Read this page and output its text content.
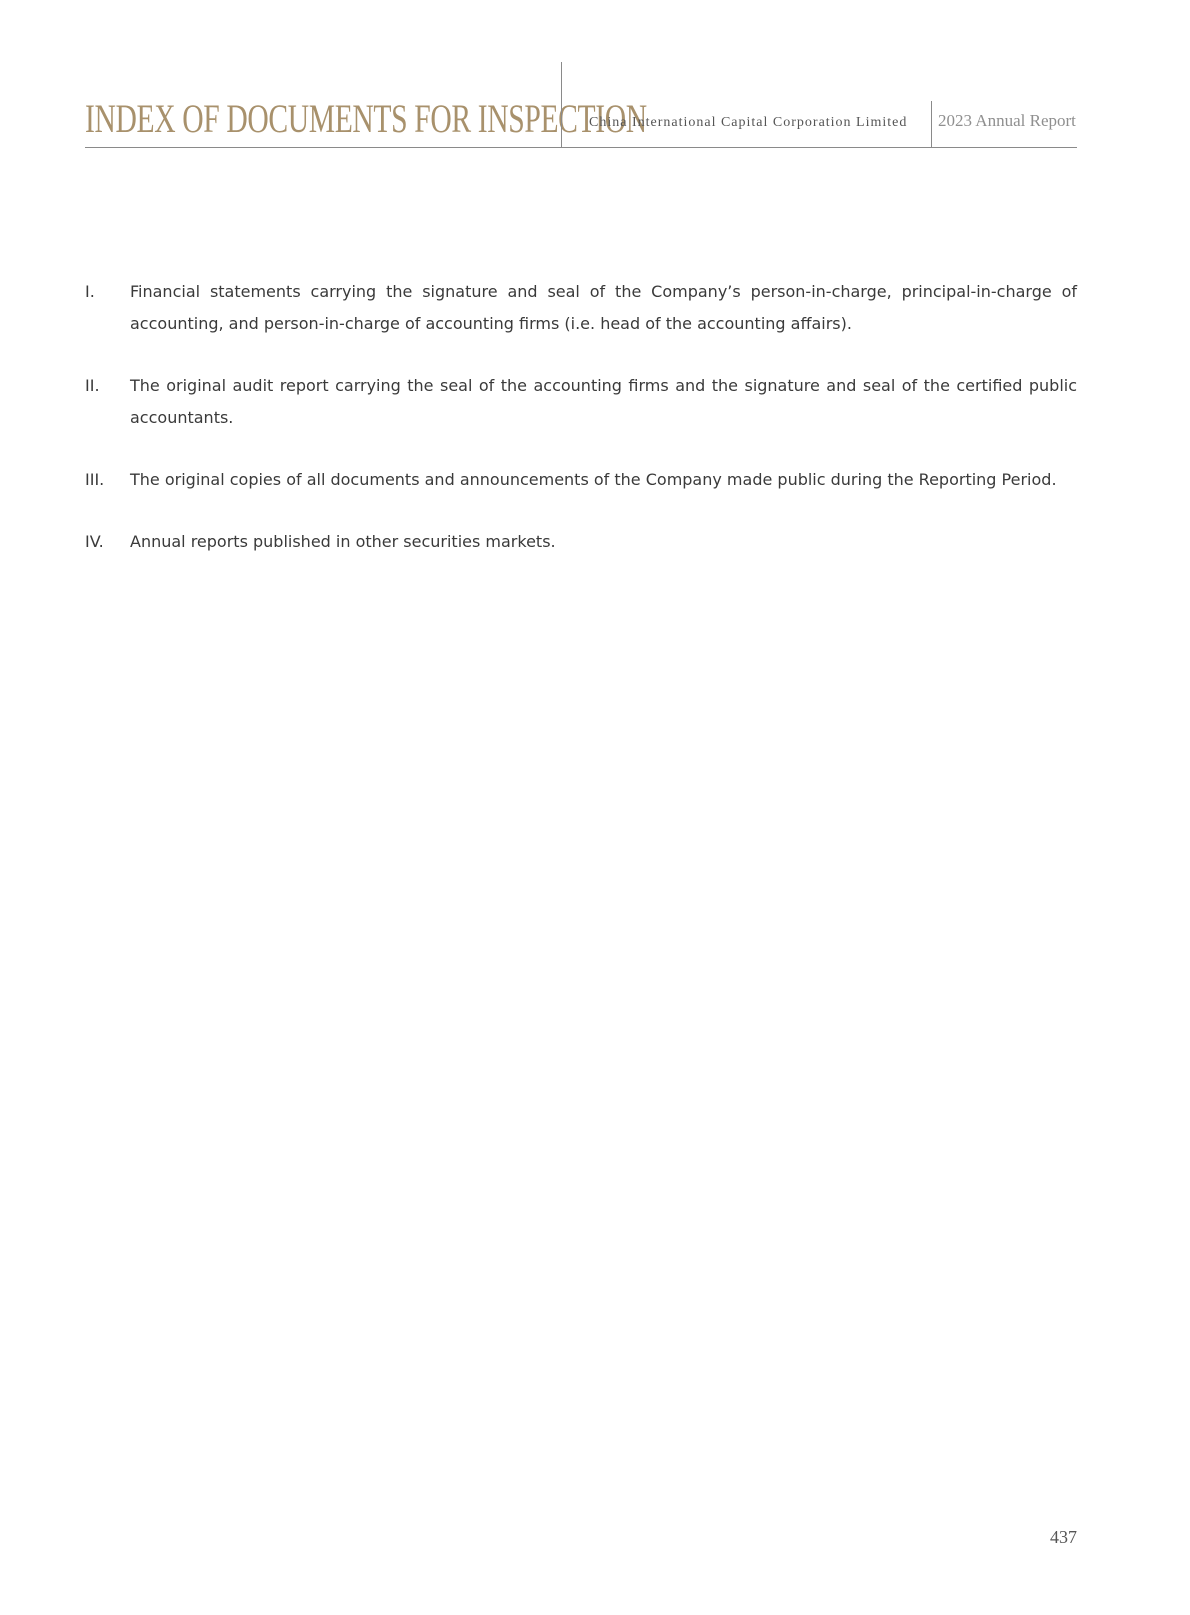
INDEX OF DOCUMENTS FOR INSPECTION
China International Capital Corporation Limited 2023 Annual Report
I. Financial statements carrying the signature and seal of the Company’s person-in-charge, principal-in-charge of accounting, and person-in-charge of accounting firms (i.e. head of the accounting affairs).
II. The original audit report carrying the seal of the accounting firms and the signature and seal of the certified public accountants.
III. The original copies of all documents and announcements of the Company made public during the Reporting Period.
IV. Annual reports published in other securities markets.
437
